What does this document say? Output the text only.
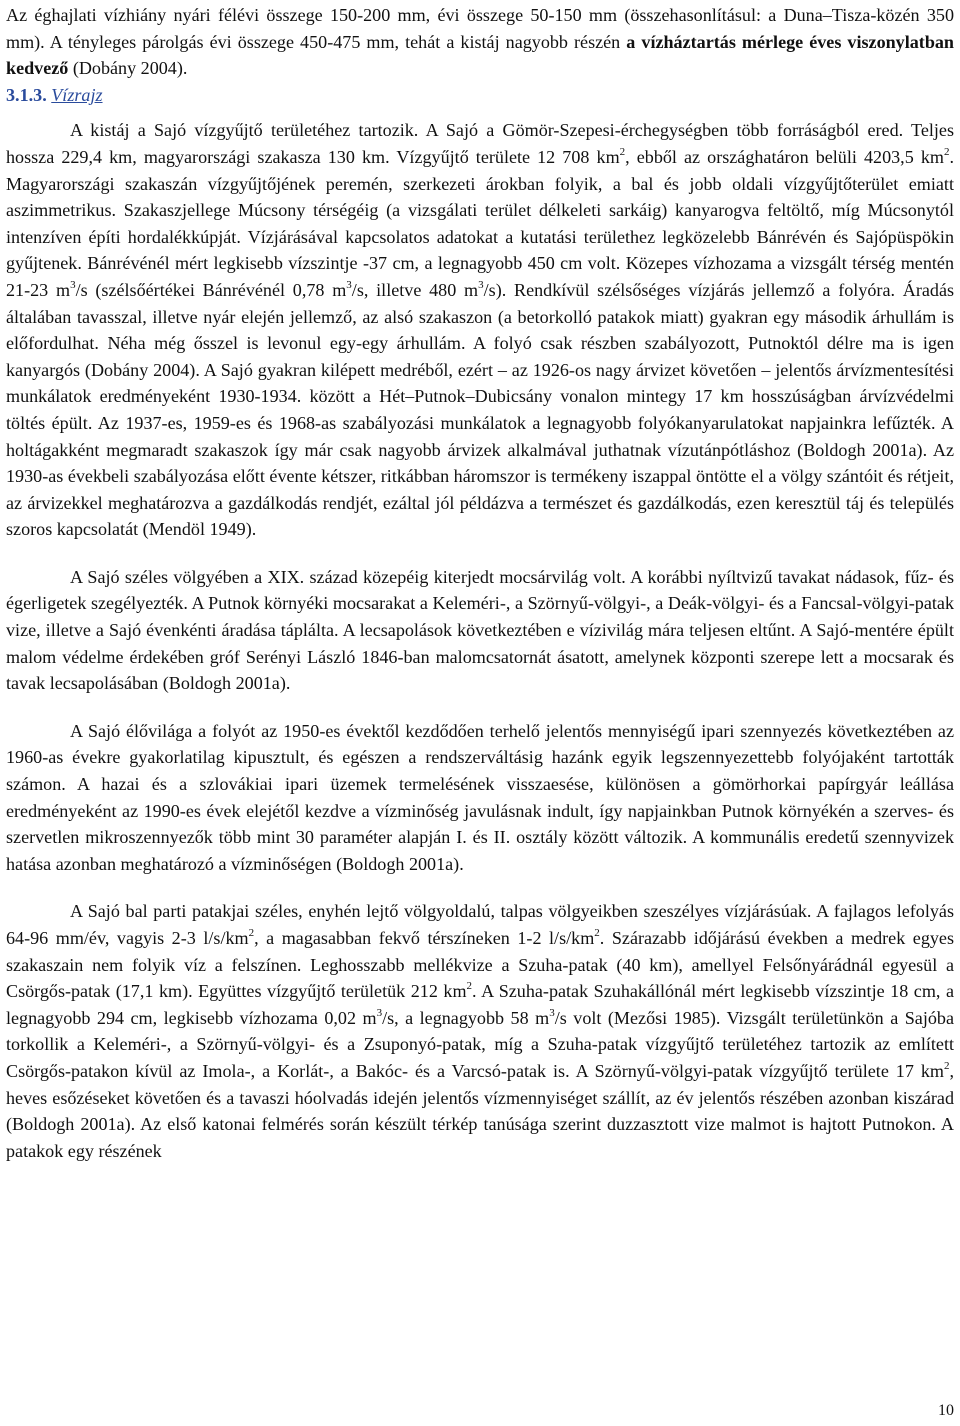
Az éghajlati vízhiány nyári félévi összege 150-200 mm, évi összege 50-150 mm (összehasonlításul: a Duna–Tisza-közén 350 mm). A tényleges párolgás évi összege 450-475 mm, tehát a kistáj nagyobb részén a vízháztartás mérlege éves viszonylatban kedvező (Dobány 2004).

3.1.3. Vízrajz

A kistáj a Sajó vízgyűjtő területéhez tartozik. A Sajó a Gömör-Szepesi-érchegységben több forráságból ered. Teljes hossza 229,4 km, magyarországi szakasza 130 km. Vízgyűjtő területe 12 708 $km^2$, ebből az országhatáron belüli 4203,5 $km^2$. Magyarországi szakaszán vízgyűjtőjének peremén, szerkezeti árokban folyik, a bal és jobb oldali vízgyűjtőterület emiatt aszimmetrikus. Szakaszjellege Múcsony térségéig (a vizsgálati terület délkeleti sarkáig) kanyarogva feltöltő, míg Múcsonytól intenzíven építi hordalékkúpját. Vízjárásával kapcsolatos adatokat a kutatási területhez legközelebb Bánrévén és Sajópüspökin gyűjtenek. Bánrévénél mért legkisebb vízszintje -37 cm, a legnagyobb 450 cm volt. Közepes vízhozama a vizsgált térség mentén 21-23 $m^3/s$ (szélsőértékei Bánrévénél 0,78 $m^3/s$, illetve 480 $m^3/s$). Rendkívül szélsőséges vízjárás jellemző a folyóra. Áradás általában tavasszal, illetve nyár elején jellemző, az alsó szakaszon (a betorkolló patakok miatt) gyakran egy második árhullám is előfordulhat. Néha még ősszel is levonul egy-egy árhullám. A folyó csak részben szabályozott, Putnoktól délre ma is igen kanyargós (Dobány 2004). A Sajó gyakran kilépett medréből, ezért – az 1926-os nagy árvizet követően – jelentős árvízmentesítési munkálatok eredményeként 1930-1934. között a Hét–Putnok–Dubicsány vonalon mintegy 17 km hosszúságban árvízvédelmi töltés épült. Az 1937-es, 1959-es és 1968-as szabályozási munkálatok a legnagyobb folyókanyarulatokat napjainkra lefűzték. A holtágakként megmaradt szakaszok így már csak nagyobb árvizek alkalmával juthatnak vízutánpótláshoz (Boldogh 2001a). Az 1930-as évekbeli szabályozása előtt évente kétszer, ritkábban háromszor is termékeny iszappal öntötte el a völgy szántóit és rétjeit, az árvizekkel meghatározva a gazdálkodás rendjét, ezáltal jól példázva a természet és gazdálkodás, ezen keresztül táj és település szoros kapcsolatát (Mendöl 1949).

A Sajó széles völgyében a XIX. század közepéig kiterjedt mocsárvilág volt. A korábbi nyíltvizű tavakat nádasok, fűz- és égerligetek szegélyezték. A Putnok környéki mocsarakat a Keleméri-, a Szörnyű-völgyi-, a Deák-völgyi- és a Fancsal-völgyi-patak vize, illetve a Sajó évenkénti áradása táplálta. A lecsapolások következtében e vízivilág mára teljesen eltűnt. A Sajó-mentére épült malom védelme érdekében gróf Serényi László 1846-ban malomcsatornát ásatott, amelynek központi szerepe lett a mocsarak és tavak lecsapolásában (Boldogh 2001a).

A Sajó élővilága a folyót az 1950-es évektől kezdődően terhelő jelentős mennyiségű ipari szennyezés következtében az 1960-as évekre gyakorlatilag kipusztult, és egészen a rendszerváltásig hazánk egyik legszennyezettebb folyójaként tartották számon. A hazai és a szlovákiai ipari üzemek termelésének visszaesése, különösen a gömörhorkai papírgyár leállása eredményeként az 1990-es évek elejétől kezdve a vízminőség javulásnak indult, így napjainkban Putnok környékén a szerves- és szervetlen mikroszennyezők több mint 30 paraméter alapján I. és II. osztály között változik. A kommunális eredetű szennyvizek hatása azonban meghatározó a vízminőségen (Boldogh 2001a).

A Sajó bal parti patakjai széles, enyhén lejtő völgyoldalú, talpas völgyeikben szeszélyes vízjárásúak. A fajlagos lefolyás 64-96 mm/év, vagyis 2-3 $l/s/km^2$, a magasabban fekvő térszíneken 1-2 $l/s/km^2$. Szárazabb időjárású években a medrek egyes szakaszain nem folyik víz a felszínen. Leghosszabb mellékvize a Szuha-patak (40 km), amellyel Felsőnyárádnál egyesül a Csörgős-patak (17,1 km). Együttes vízgyűjtő területük 212 $km^2$. A Szuha-patak Szuhakállónál mért legkisebb vízszintje 18 cm, a legnagyobb 294 cm, legkisebb vízhozama 0,02 $m^3/s$, a legnagyobb 58 $m^3/s$ volt (Mezősi 1985). Vizsgált területünkön a Sajóba torkollik a Keleméri-, a Szörnyű-völgyi- és a Zsuponyó-patak, míg a Szuha-patak vízgyűjtő területéhez tartozik az említett Csörgős-patakon kívül az Imola-, a Korlát-, a Bakóc- és a Varcsó-patak is. A Szörnyű-völgyi-patak vízgyűjtő területe 17 $km^2$, heves esőzéseket követően és a tavaszi hóolvadás idején jelentős vízmennyiséget szállít, az év jelentős részében azonban kiszárad (Boldogh 2001a). Az első katonai felmérés során készült térkép tanúsága szerint duzzasztott vize malmot is hajtott Putnokon. A patakok egy részének

10
